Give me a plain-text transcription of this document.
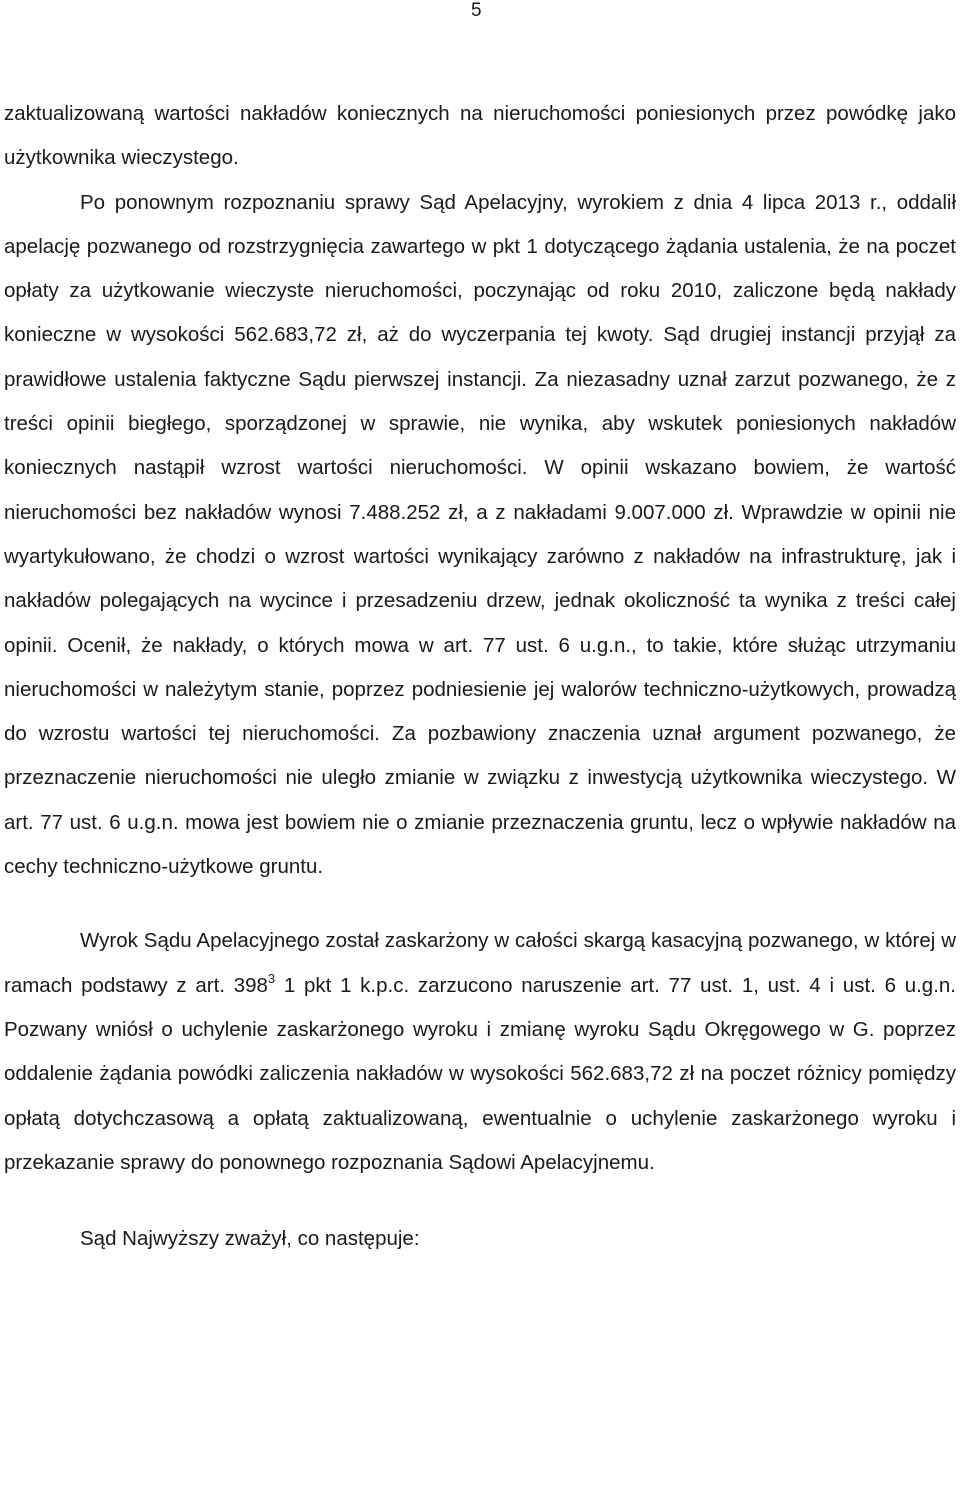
5

zaktualizowaną wartości nakładów koniecznych na nieruchomości poniesionych przez powódkę jako użytkownika wieczystego.

Po ponownym rozpoznaniu sprawy Sąd Apelacyjny, wyrokiem z dnia 4 lipca 2013 r., oddalił apelację pozwanego od rozstrzygnięcia zawartego w pkt 1 dotyczącego żądania ustalenia, że na poczet opłaty za użytkowanie wieczyste nieruchomości, poczynając od roku 2010, zaliczone będą nakłady konieczne w wysokości 562.683,72 zł, aż do wyczerpania tej kwoty. Sąd drugiej instancji przyjął za prawidłowe ustalenia faktyczne Sądu pierwszej instancji. Za niezasadny uznał zarzut pozwanego, że z treści opinii biegłego, sporządzonej w sprawie, nie wynika, aby wskutek poniesionych nakładów koniecznych nastąpił wzrost wartości nieruchomości. W opinii wskazano bowiem, że wartość nieruchomości bez nakładów wynosi 7.488.252 zł, a z nakładami 9.007.000 zł. Wprawdzie w opinii nie wyartykułowano, że chodzi o wzrost wartości wynikający zarówno z nakładów na infrastrukturę, jak i nakładów polegających na wycince i przesadzeniu drzew, jednak okoliczność ta wynika z treści całej opinii. Ocenił, że nakłady, o których mowa w art. 77 ust. 6 u.g.n., to takie, które służąc utrzymaniu nieruchomości w należytym stanie, poprzez podniesienie jej walorów techniczno-użytkowych, prowadzą do wzrostu wartości tej nieruchomości. Za pozbawiony znaczenia uznał argument pozwanego, że przeznaczenie nieruchomości nie uległo zmianie w związku z inwestycją użytkownika wieczystego. W art. 77 ust. 6 u.g.n. mowa jest bowiem nie o zmianie przeznaczenia gruntu, lecz o wpływie nakładów na cechy techniczno-użytkowe gruntu.

Wyrok Sądu Apelacyjnego został zaskarżony w całości skargą kasacyjną pozwanego, w której w ramach podstawy z art. $398^3$ 1 pkt 1 k.p.c. zarzucono naruszenie art. 77 ust. 1, ust. 4 i ust. 6 u.g.n. Pozwany wniósł o uchylenie zaskarżonego wyroku i zmianę wyroku Sądu Okręgowego w G. poprzez oddalenie żądania powódki zaliczenia nakładów w wysokości 562.683,72 zł na poczet różnicy pomiędzy opłatą dotychczasową a opłatą zaktualizowaną, ewentualnie o uchylenie zaskarżonego wyroku i przekazanie sprawy do ponownego rozpoznania Sądowi Apelacyjnemu.

Sąd Najwyższy zważył, co następuje:
